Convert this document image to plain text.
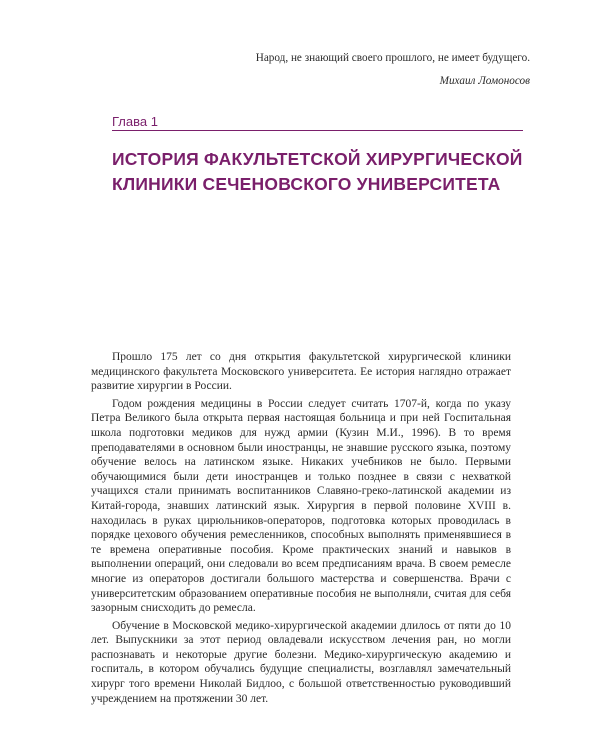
Народ, не знающий своего прошлого, не имеет будущего.
Михаил Ломоносов
Глава 1
ИСТОРИЯ ФАКУЛЬТЕТСКОЙ ХИРУРГИЧЕСКОЙ
КЛИНИКИ СЕЧЕНОВСКОГО УНИВЕРСИТЕТА

Прошло 175 лет со дня открытия факультетской хирургической клиники медицинского факультета Московского университета. Ее история наглядно отражает развитие хирургии в России.

Годом рождения медицины в России следует считать 1707-й, когда по указу Петра Великого была открыта первая настоящая больница и при ней Госпитальная школа подготовки медиков для нужд армии (Кузин М.И., 1996). В то время преподавателями в основном были иностранцы, не знавшие русского языка, поэтому обучение велось на латинском языке. Никаких учебников не было. Первыми обучающимися были дети иностранцев и только позднее в связи с нехваткой учащихся стали принимать воспитанников Славяно-греко-латинской академии из Китай-города, знавших латинский язык. Хирургия в первой половине XVIII в. находилась в руках цирюльников-операторов, подготовка которых проводилась в порядке цехового обучения ремесленников, способных выполнять применявшиеся в те времена оперативные пособия. Кроме практических знаний и навыков в выполнении операций, они следовали во всем предписаниям врача. В своем ремесле многие из операторов достигали большого мастерства и совершенства. Врачи с университетским образованием оперативные пособия не выполняли, считая для себя зазорным снисходить до ремесла.

Обучение в Московской медико-хирургической академии длилось от пяти до 10 лет. Выпускники за этот период овладевали искусством лечения ран, но могли распознавать и некоторые другие болезни. Медико-хирургическую академию и госпиталь, в котором обучались будущие специалисты, возглавлял замечательный хирург того времени Николай Бидлоо, с большой ответственностью руководивший учреждением на протяжении 30 лет.
